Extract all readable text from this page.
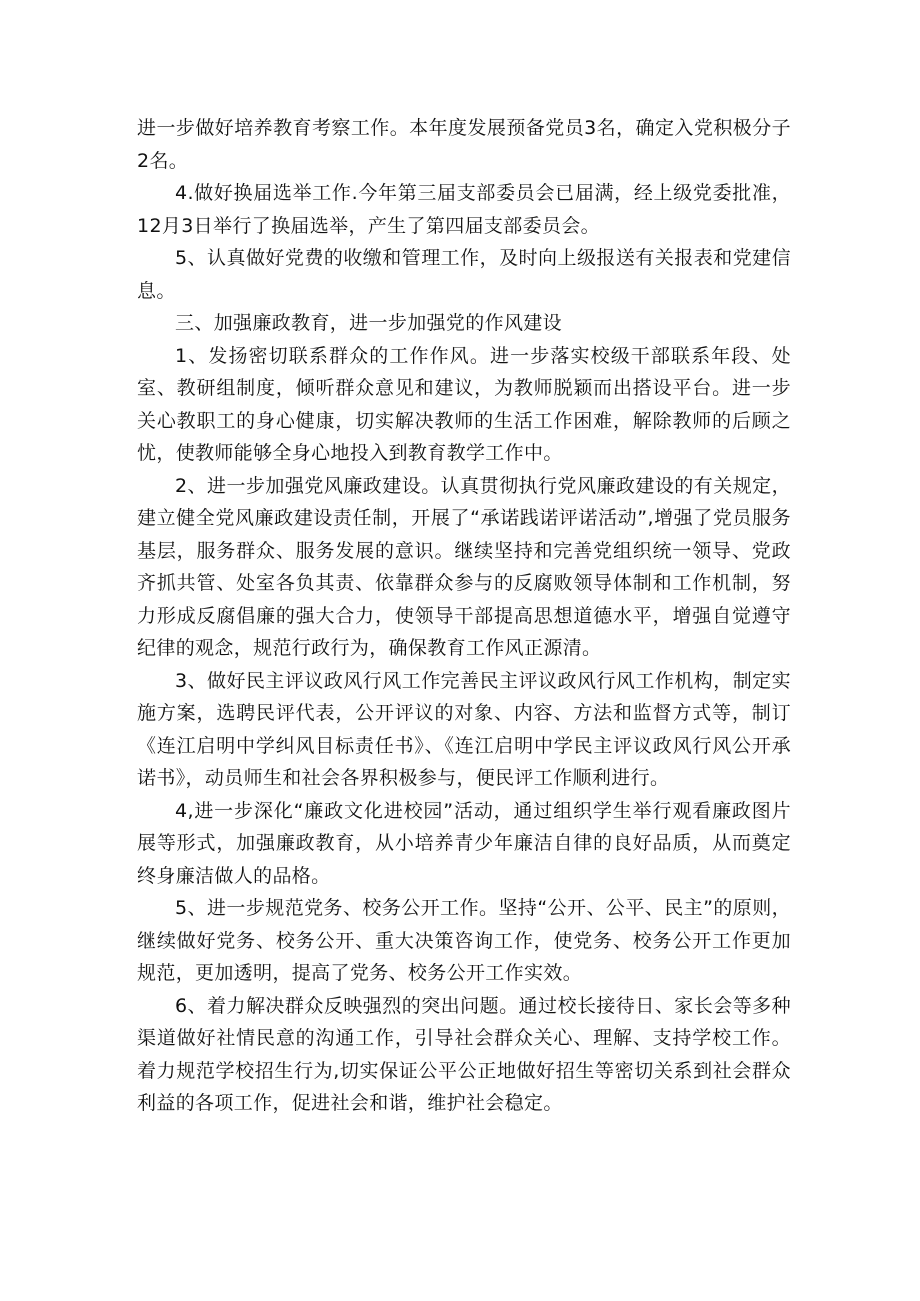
进一步做好培养教育考察工作。本年度发展预备党员3名，确定入党积极分子2名。

4.做好换届选举工作.今年第三届支部委员会已届满，经上级党委批准，12月3日举行了换届选举，产生了第四届支部委员会。

5、认真做好党费的收缴和管理工作，及时向上级报送有关报表和党建信息。

三、加强廉政教育，进一步加强党的作风建设

1、发扬密切联系群众的工作作风。进一步落实校级干部联系年段、处室、教研组制度，倾听群众意见和建议，为教师脱颖而出搭设平台。进一步关心教职工的身心健康，切实解决教师的生活工作困难，解除教师的后顾之忧，使教师能够全身心地投入到教育教学工作中。

2、进一步加强党风廉政建设。认真贯彻执行党风廉政建设的有关规定，建立健全党风廉政建设责任制，开展了“承诺践诺评诺活动”,增强了党员服务基层，服务群众、服务发展的意识。继续坚持和完善党组织统一领导、党政齐抓共管、处室各负其责、依靠群众参与的反腐败领导体制和工作机制，努力形成反腐倡廉的强大合力，使领导干部提高思想道德水平，增强自觉遵守纪律的观念，规范行政行为，确保教育工作风正源清。

3、做好民主评议政风行风工作完善民主评议政风行风工作机构，制定实施方案，选聘民评代表，公开评议的对象、内容、方法和监督方式等，制订《连江启明中学纠风目标责任书》、《连江启明中学民主评议政风行风公开承诺书》，动员师生和社会各界积极参与，便民评工作顺利进行。

4,进一步深化“廉政文化进校园”活动，通过组织学生举行观看廉政图片展等形式，加强廉政教育，从小培养青少年廉洁自律的良好品质，从而奠定终身廉洁做人的品格。

5、进一步规范党务、校务公开工作。坚持“公开、公平、民主”的原则，继续做好党务、校务公开、重大决策咨询工作，使党务、校务公开工作更加规范，更加透明，提高了党务、校务公开工作实效。

6、着力解决群众反映强烈的突出问题。通过校长接待日、家长会等多种渠道做好社情民意的沟通工作，引导社会群众关心、理解、支持学校工作。着力规范学校招生行为,切实保证公平公正地做好招生等密切关系到社会群众利益的各项工作，促进社会和谐，维护社会稳定。
